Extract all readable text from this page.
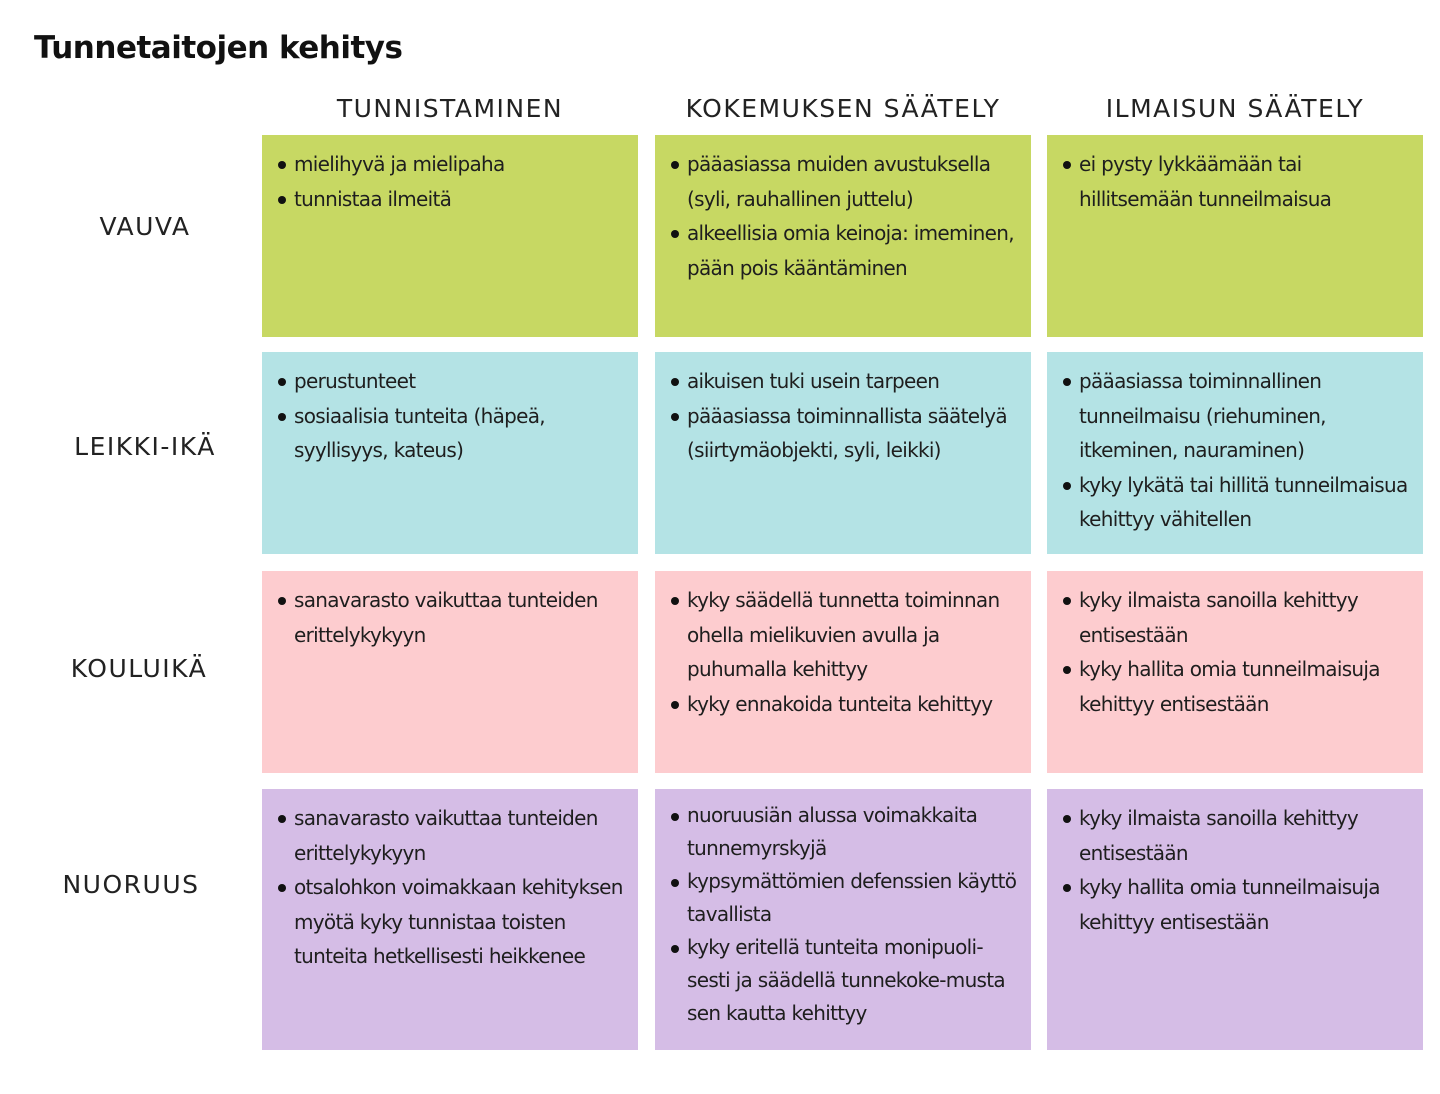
Tunnetaitojen kehitys
TUNNISTAMINEN	KOKEMUKSEN SÄÄTELY	ILMAISUN SÄÄTELY
VAUVA
LEIKKI-IKÄ
KOULUIKÄ
NUORUUS
mielihyvä ja mielipaha
tunnistaa ilmeitä
pääasiassa muiden avustuksella (syli, rauhallinen juttelu)
alkeellisia omia keinoja: imeminen, pään pois kääntäminen
ei pysty lykkäämään tai hillitsemään tunneilmaisua
perustunteet
sosiaalisia tunteita (häpeä, syyllisyys, kateus)
aikuisen tuki usein tarpeen
pääasiassa toiminnallista säätelyä (siirtymäobjekti, syli, leikki)
pääasiassa toiminnallinen tunneilmaisu (riehuminen, itkeminen, nauraminen)
kyky lykätä tai hillitä tunneilmaisua kehittyy vähitellen
sanavarasto vaikuttaa tunteiden erittelykykyyn
kyky säädellä tunnetta toiminnan ohella mielikuvien avulla ja puhumalla kehittyy
kyky ennakoida tunteita kehittyy
kyky ilmaista sanoilla kehittyy entisestään
kyky hallita omia tunneilmaisuja kehittyy entisestään
sanavarasto vaikuttaa tunteiden erittelykykyyn
otsalohkon voimakkaan kehityksen myötä kyky tunnistaa toisten tunteita hetkellisesti heikkenee
nuoruusiän alussa voimakkaita tunnemyrskyjä
kypsymättömien defenssien käyttö tavallista
kyky eritellä tunteita monipuoli-sesti ja säädellä tunnekoke-musta sen kautta kehittyy
kyky ilmaista sanoilla kehittyy entisestään
kyky hallita omia tunneilmaisuja kehittyy entisestään
